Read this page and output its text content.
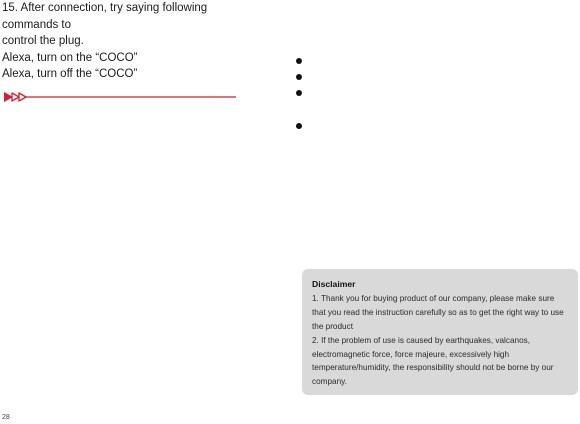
15. After connection, try saying following commands to

control the plug.

Alexa, turn on the “COCO”

Alexa, turn off the “COCO”

Disclaimer

1. Thank you for buying product of our company, please make sure that you read the instruction carefully so as to get the right way to use the product

2. If the problem of use is caused by earthquakes, valcanos, electromagnetic force, force majeure, excessively high temperature/humidity, the responsibility should not be borne by our company.

28
